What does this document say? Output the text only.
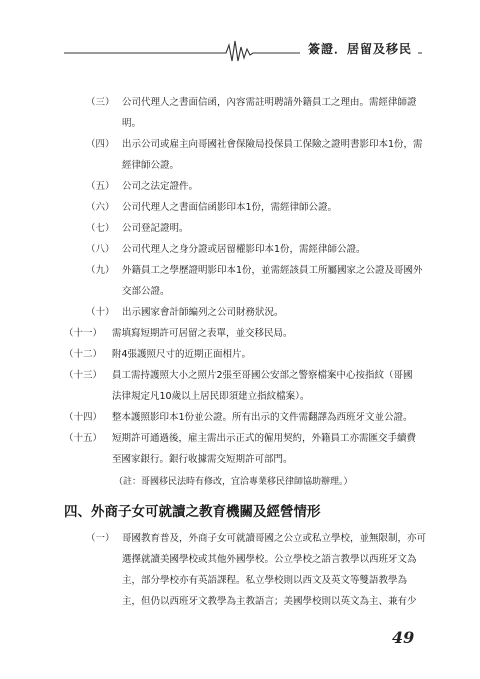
簽證．居留及移民
（三） 公司代理人之書面信函，內容需註明聘請外籍員工之理由。需經律師證
明。
（四） 出示公司或雇主向哥國社會保險局投保員工保險之證明書影印本1份，需
經律師公證。
（五） 公司之法定證件。
（六） 公司代理人之書面信函影印本1份，需經律師公證。
（七） 公司登記證明。
（八） 公司代理人之身分證或居留權影印本1份，需經律師公證。
（九） 外籍員工之學歷證明影印本1份，並需經該員工所屬國家之公證及哥國外
交部公證。
（十） 出示國家會計師編列之公司財務狀況。
（十一） 需填寫短期許可居留之表單，並交移民局。
（十二） 附4張護照尺寸的近期正面相片。
（十三） 員工需持護照大小之照片2張至哥國公安部之警察檔案中心按指紋（哥國
法律規定凡10歲以上居民即須建立指紋檔案）。
（十四） 整本護照影印本1份並公證。所有出示的文件需翻譯為西班牙文並公證。
（十五） 短期許可通過後，雇主需出示正式的僱用契約，外籍員工亦需匯交手續費
至國家銀行。銀行收據需交短期許可部門。
（註：哥國移民法時有修改，宜洽專業移民律師協助辦理。）
四、外商子女可就讀之教育機關及經營情形
（一） 哥國教育普及，外商子女可就讀哥國之公立或私立學校，並無限制，亦可
選擇就讀美國學校或其他外國學校。公立學校之語言教學以西班牙文為
主，部分學校亦有英語課程。私立學校則以西文及英文等雙語教學為
主，但仍以西班牙文教學為主教語言；美國學校則以英文為主、兼有少
49
